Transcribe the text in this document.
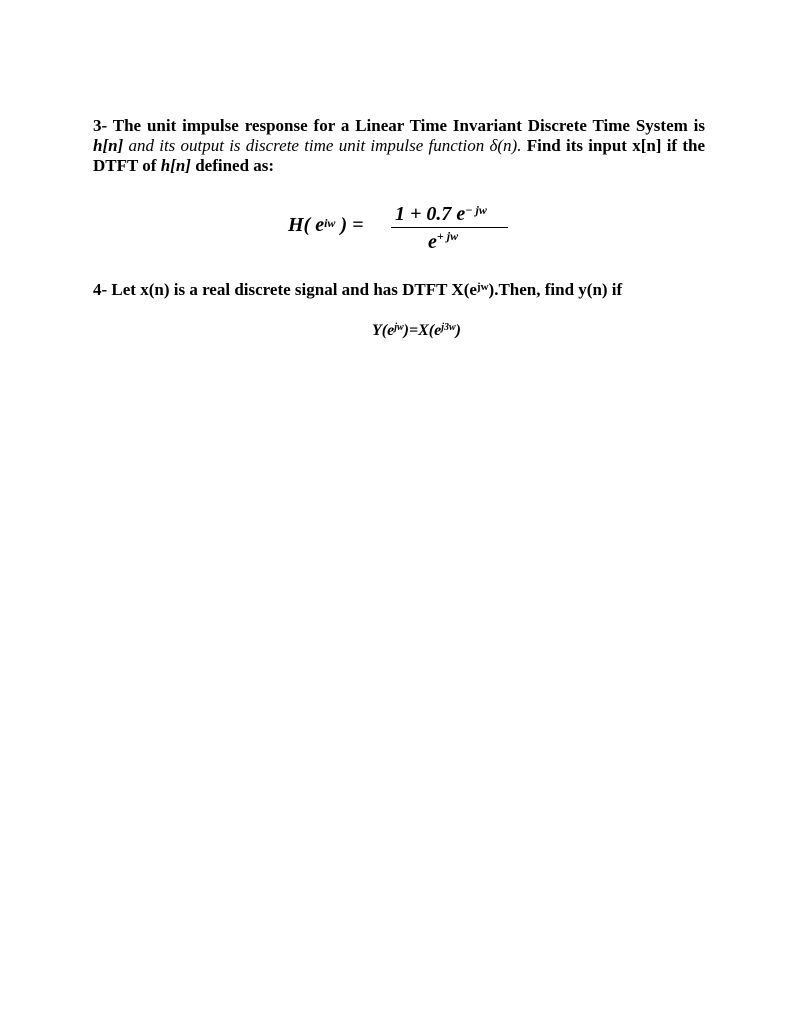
3- The unit impulse response for a Linear Time Invariant Discrete Time System is h[n] and its output is discrete time unit impulse function δ(n). Find its input x[n] if the DTFT of h[n] defined as:
H( $e^{iw}$ ) = 1 + 0.7 $e^{- jw}$
$e^{+ jw}$
4- Let x(n) is a real discrete signal and has DTFT $X(e^{jw}).Then$, find y(n) if
$Y(e^{jw})=X(e^{j3w})$
